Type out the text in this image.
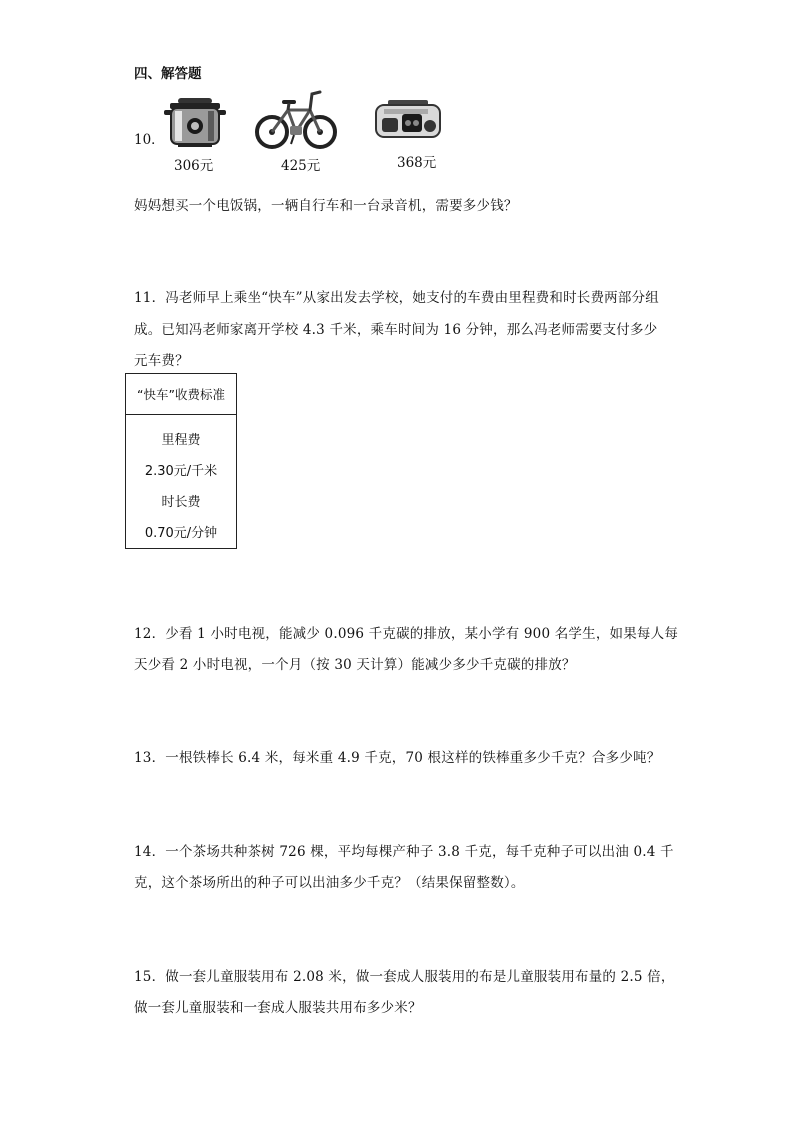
四、解答题
10．
306元	425元	368元
妈妈想买一个电饭锅，一辆自行车和一台录音机，需要多少钱？
11．冯老师早上乘坐“快车”从家出发去学校，她支付的车费由里程费和时长费两部分组
成。已知冯老师家离开学校 4.3 千米，乘车时间为 16 分钟，那么冯老师需要支付多少
元车费？
“快车”收费标准
里程费
2.30元/千米
时长费
0.70元/分钟
12．少看 1 小时电视，能减少 0.096 千克碳的排放，某小学有 900 名学生，如果每人每
天少看 2 小时电视，一个月（按 30 天计算）能减少多少千克碳的排放？
13．一根铁棒长 6.4 米，每米重 4.9 千克，70 根这样的铁棒重多少千克？合多少吨？
14．一个茶场共种茶树 726 棵，平均每棵产种子 3.8 千克，每千克种子可以出油 0.4 千
克，这个茶场所出的种子可以出油多少千克？（结果保留整数）。
15．做一套儿童服装用布 2.08 米，做一套成人服装用的布是儿童服装用布量的 2.5 倍，
做一套儿童服装和一套成人服装共用布多少米？
